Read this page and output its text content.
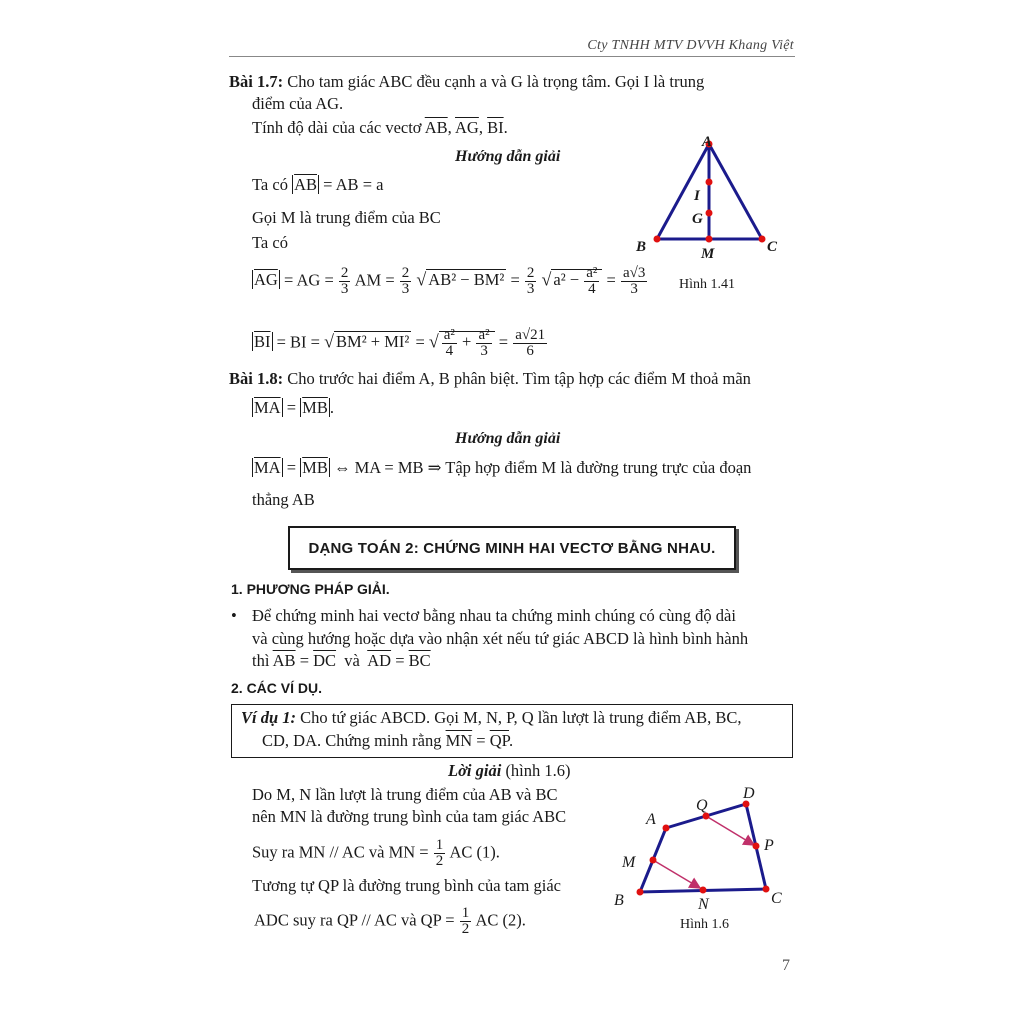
Cty TNHH MTV DVVH Khang Việt
Bài 1.7: Cho tam giác ABC đều cạnh a và G là trọng tâm. Gọi I là trung
điểm của AG.
Tính độ dài của các vectơ $\overline{AB}$, $\overline{AG}$, $\overline{BI}$.
Hướng dẫn giải
Ta có $\overline{AB}$ = AB = a
Gọi M là trung điểm của BC
Ta có
$\overline{AG}$ = AG = $\frac{2}{3}$ AM = $\frac{2}{3}$ √ $AB^2 - BM^2 = \frac{2}{3}$ √ $a^2 - \frac{\text{a²}}{4} = \frac{a√3}{3}$
$\overline{BI}$ = BI = √ BM² + MI² = √ $\frac{\text{a²}}{4} + \frac{\text{a²}}{3} = \frac{a√21}{6}$
A
I
G
B	M	C
Hình 1.41
Bài 1.8: Cho trước hai điểm A, B phân biệt. Tìm tập hợp các điểm M thoả mãn
$\overline{MA} = \overline{MB}$ .
Hướng dẫn giải
$\overline{MA} = \overline{MB}$ ⇔ MA = MB ⇒ Tập hợp điểm M là đường trung trực của đoạn
thẳng AB
DẠNG TOÁN 2: CHỨNG MINH HAI VECTƠ BẰNG NHAU.
1. PHƯƠNG PHÁP GIẢI.
• Để chứng minh hai vectơ bằng nhau ta chứng minh chúng có cùng độ dài
và cùng hướng hoặc dựa vào nhận xét nếu tứ giác ABCD là hình bình hành
thì $\overline{AB} = \overline{DC}$ và $\overline{AD} = \overline{BC}$
2. CÁC VÍ DỤ.
Ví dụ 1: Cho tứ giác ABCD. Gọi M, N, P, Q lần lượt là trung điểm AB, BC,
CD, DA. Chứng minh rằng $\overline{MN} = \overline{QP}$.
Lời giải (hình 1.6)
Do M, N lần lượt là trung điểm của AB và BC
nên MN là đường trung bình của tam giác ABC
Suy ra MN // AC và MN = $\frac{1}{2}$ AC (1).
Tương tự QP là đường trung bình của tam giác
ADC suy ra QP // AC và QP = $\frac{1}{2}$ AC (2).
A
Q
D
P
M
B	N	C
Hình 1.6
7
